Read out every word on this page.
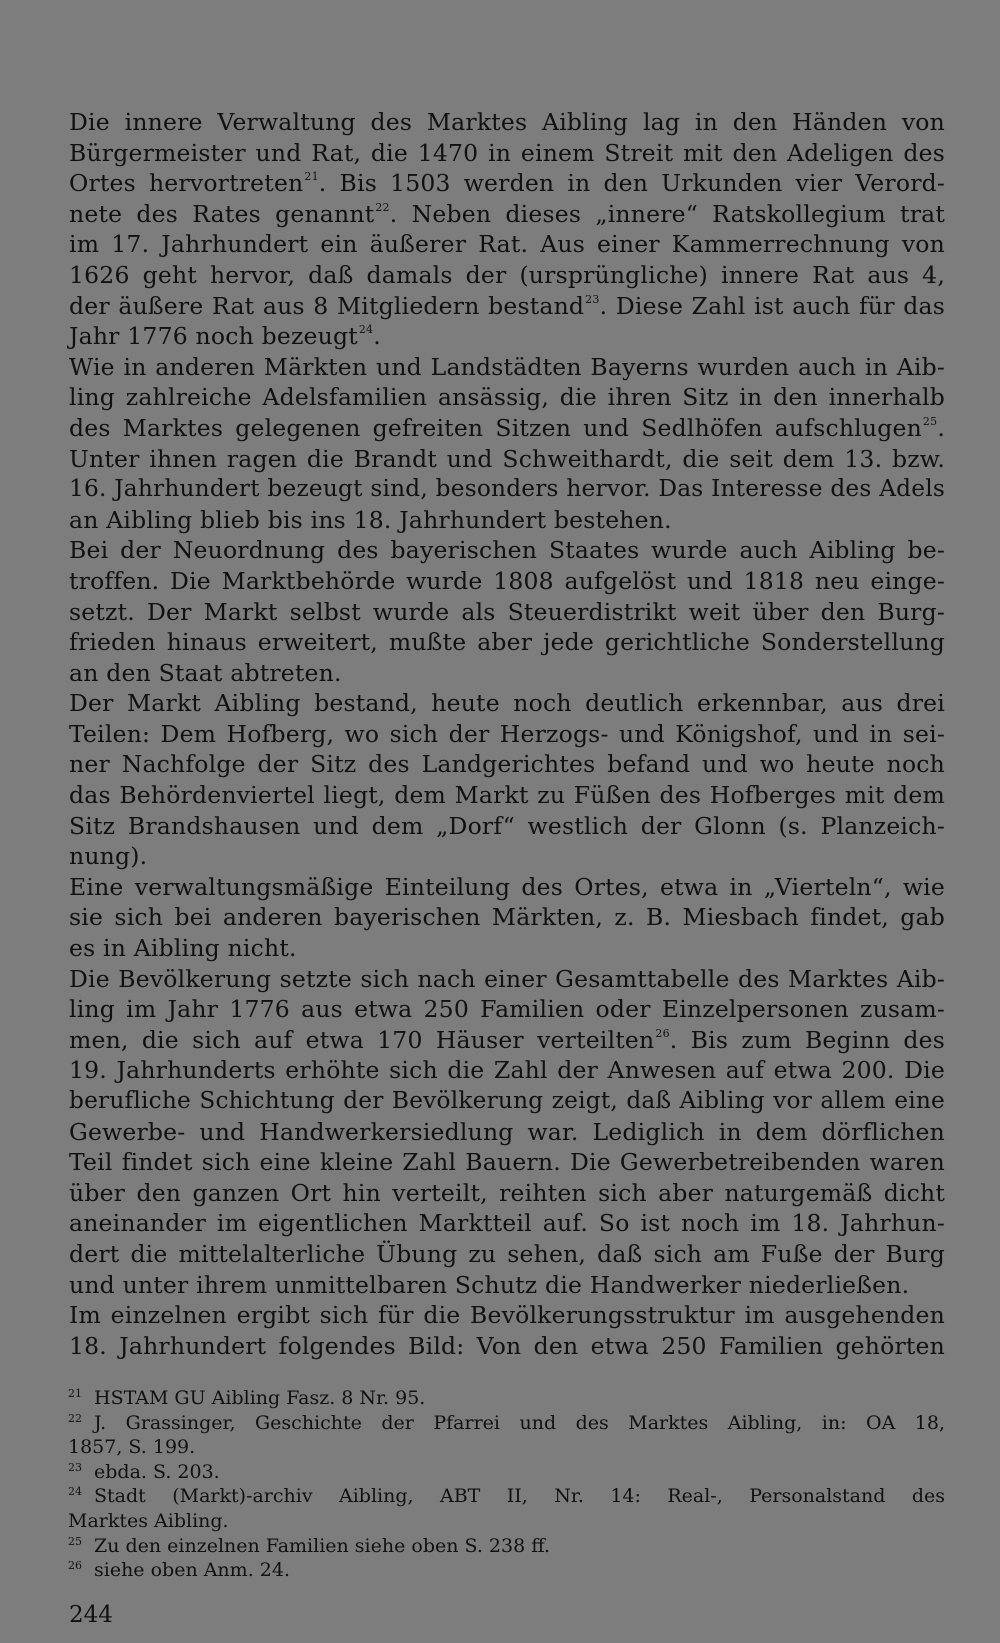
Die innere Verwaltung des Marktes Aibling lag in den Händen von
Bürgermeister und Rat, die 1470 in einem Streit mit den Adeligen des
Ortes hervortreten$^{21}$. Bis 1503 werden in den Urkunden vier Verord-
nete des Rates genannt$^{22}$. Neben dieses „innere“ Ratskollegium trat
im 17. Jahrhundert ein äußerer Rat. Aus einer Kammerrechnung von
1626 geht hervor, daß damals der (ursprüngliche) innere Rat aus 4,
der äußere Rat aus 8 Mitgliedern bestand$^{23}$. Diese Zahl ist auch für das
Jahr 1776 noch bezeugt$^{24}$.
Wie in anderen Märkten und Landstädten Bayerns wurden auch in Aib-
ling zahlreiche Adelsfamilien ansässig, die ihren Sitz in den innerhalb
des Marktes gelegenen gefreiten Sitzen und Sedlhöfen aufschlugen$^{25}$.
Unter ihnen ragen die Brandt und Schweithardt, die seit dem 13. bzw.
16. Jahrhundert bezeugt sind, besonders hervor. Das Interesse des Adels
an Aibling blieb bis ins 18. Jahrhundert bestehen.
Bei der Neuordnung des bayerischen Staates wurde auch Aibling be-
troffen. Die Marktbehörde wurde 1808 aufgelöst und 1818 neu einge-
setzt. Der Markt selbst wurde als Steuerdistrikt weit über den Burg-
frieden hinaus erweitert, mußte aber jede gerichtliche Sonderstellung
an den Staat abtreten.
Der Markt Aibling bestand, heute noch deutlich erkennbar, aus drei
Teilen: Dem Hofberg, wo sich der Herzogs- und Königshof, und in sei-
ner Nachfolge der Sitz des Landgerichtes befand und wo heute noch
das Behördenviertel liegt, dem Markt zu Füßen des Hofberges mit dem
Sitz Brandshausen und dem „Dorf“ westlich der Glonn (s. Planzeich-
nung).
Eine verwaltungsmäßige Einteilung des Ortes, etwa in „Vierteln“, wie
sie sich bei anderen bayerischen Märkten, z. B. Miesbach findet, gab
es in Aibling nicht.
Die Bevölkerung setzte sich nach einer Gesamttabelle des Marktes Aib-
ling im Jahr 1776 aus etwa 250 Familien oder Einzelpersonen zusam-
men, die sich auf etwa 170 Häuser verteilten$^{26}$. Bis zum Beginn des
19. Jahrhunderts erhöhte sich die Zahl der Anwesen auf etwa 200. Die
berufliche Schichtung der Bevölkerung zeigt, daß Aibling vor allem eine
Gewerbe- und Handwerkersiedlung war. Lediglich in dem dörflichen
Teil findet sich eine kleine Zahl Bauern. Die Gewerbetreibenden waren
über den ganzen Ort hin verteilt, reihten sich aber naturgemäß dicht
aneinander im eigentlichen Marktteil auf. So ist noch im 18. Jahrhun-
dert die mittelalterliche Übung zu sehen, daß sich am Fuße der Burg
und unter ihrem unmittelbaren Schutz die Handwerker niederließen.
Im einzelnen ergibt sich für die Bevölkerungsstruktur im ausgehenden
18. Jahrhundert folgendes Bild: Von den etwa 250 Familien gehörten
21 HSTAM GU Aibling Fasz. 8 Nr. 95.
22 J. Grassinger, Geschichte der Pfarrei und des Marktes Aibling, in: OA 18,
1857, S. 199.
23 ebda. S. 203.
24 Stadt (Markt)-archiv Aibling, ABT II, Nr. 14: Real-, Personalstand des
Marktes Aibling.
25 Zu den einzelnen Familien siehe oben S. 238 ff.
26 siehe oben Anm. 24.
244
